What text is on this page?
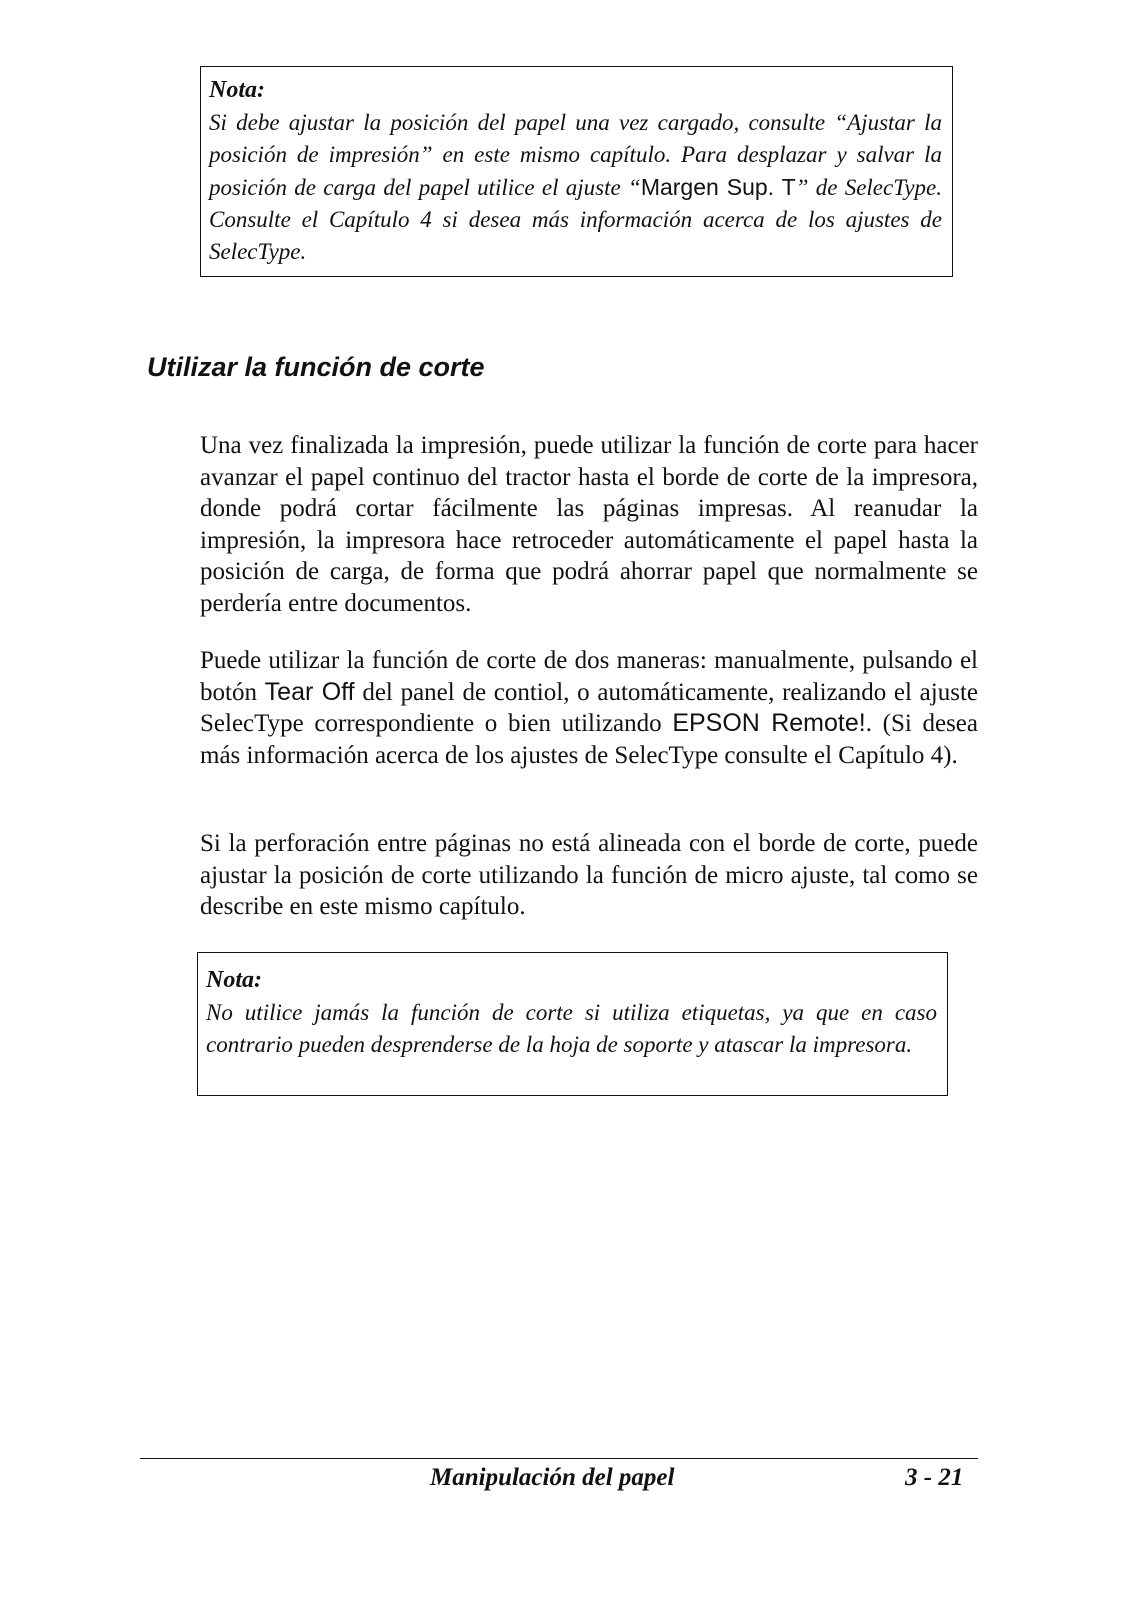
Nota:

Si debe ajustar la posición del papel una vez cargado, consulte “Ajustar la posición de impresión” en este mismo capítulo. Para desplazar y salvar la posición de carga del papel utilice el ajuste “Margen Sup. T” de SelecType. Consulte el Capítulo 4 si desea más información acerca de los ajustes de SelecType.

Utilizar la función de corte

Una vez finalizada la impresión, puede utilizar la función de corte para hacer avanzar el papel continuo del tractor hasta el borde de corte de la impresora, donde podrá cortar fácilmente las páginas impresas. Al reanudar la impresión, la impresora hace retroceder automáticamente el papel hasta la posición de carga, de forma que podrá ahorrar papel que normalmente se perdería entre documentos.

Puede utilizar la función de corte de dos maneras: manualmente, pulsando el botón Tear Off del panel de contiol, o automáticamente, realizando el ajuste SelecType correspondiente o bien utilizando EPSON Remote!. (Si desea más información acerca de los ajustes de SelecType consulte el Capítulo 4).

Si la perforación entre páginas no está alineada con el borde de corte, puede ajustar la posición de corte utilizando la función de micro ajuste, tal como se describe en este mismo capítulo.

Nota:

No utilice jamás la función de corte si utiliza etiquetas, ya que en caso contrario pueden desprenderse de la hoja de soporte y atascar la impresora.

Manipulación del papel	3 - 21
